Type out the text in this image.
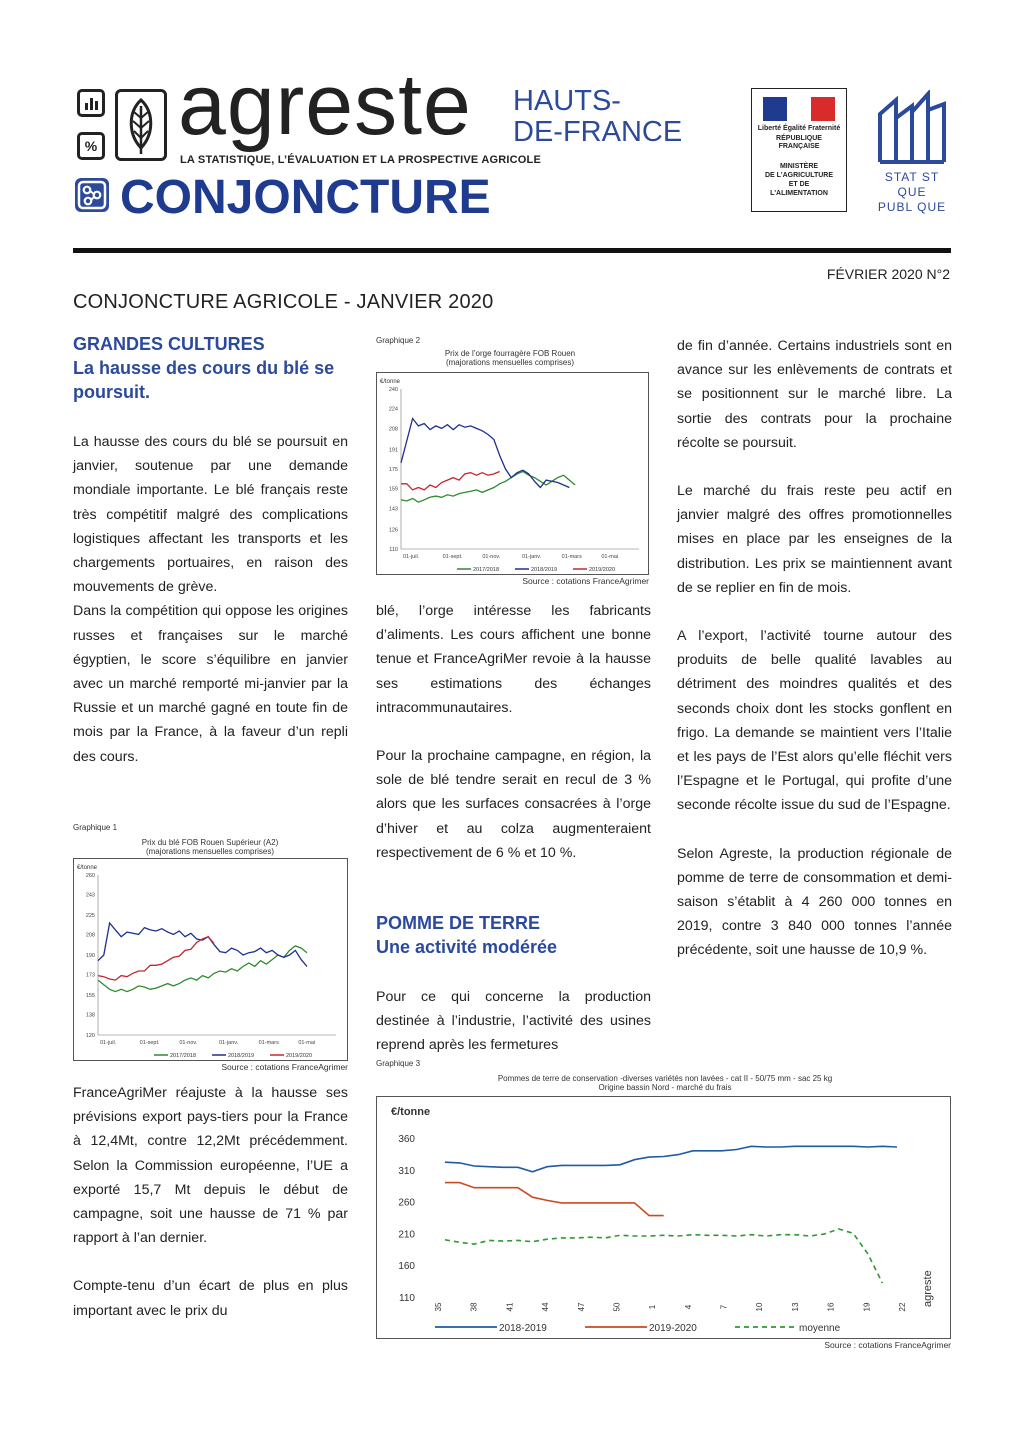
% agreste
LA STATISTIQUE, L’ÉVALUATION ET LA PROSPECTIVE AGRICOLE
CONJONCTURE
HAUTS-
DE-FRANCE	Liberté Égalité Fraternité
RÉPUBLIQUE FRANÇAISE
MINISTÈRE
DE L'AGRICULTURE
ET DE
L'ALIMENTATION
STAT ST QUE
PUBL QUE
FÉVRIER 2020 N°2
CONJONCTURE AGRICOLE - JANVIER 2020
GRANDES CULTURES
La hausse des cours du blé se poursuit.

La hausse des cours du blé se poursuit en janvier, soutenue par une demande mondiale importante. Le blé français reste très compétitif malgré des complications logistiques affectant les transports et les chargements portuaires, en raison des mouvements de grève.

Dans la compétition qui oppose les origines russes et françaises sur le marché égyptien, le score s’équilibre en janvier avec un marché remporté mi-janvier par la Russie et un marché gagné en toute fin de mois par la France, à la faveur d’un repli des cours.

Graphique 1
Prix du blé FOB Rouen Supérieur (A2)
(majorations mensuelles comprises)
€/tonne
120
138
155
173
190
208
225
243
260
01-juil.	01-sept.	01-nov.	01-janv.	01-mars	01-mai
2017/2018	2018/2019	2019/2020
Source : cotations FranceAgrimer

FranceAgriMer réajuste à la hausse ses prévisions export pays-tiers pour la France à 12,4Mt, contre 12,2Mt précédemment. Selon la Commission européenne, l’UE a exporté 15,7 Mt depuis le début de campagne, soit une hausse de 71 % par rapport à l’an dernier.

Compte-tenu d’un écart de plus en plus important avec le prix du

Graphique 2
Prix de l’orge fourragère FOB Rouen
(majorations mensuelles comprises)
€/tonne
110
126
143
159
175
191
208
224
240
01-juil.	01-sept.	01-nov.	01-janv.	01-mars	01-mai
2017/2018	2018/2019	2019/2020
Source : cotations FranceAgrimer

blé, l’orge intéresse les fabricants d’aliments. Les cours affichent une bonne tenue et FranceAgriMer revoie à la hausse ses estimations des échanges intracommunautaires.

Pour la prochaine campagne, en région, la sole de blé tendre serait en recul de 3 % alors que les surfaces consacrées à l’orge d’hiver et au colza augmenteraient respectivement de 6 % et 10 %.

POMME DE TERRE
Une activité modérée

Pour ce qui concerne la production destinée à l’industrie, l’activité des usines reprend après les fermetures

de fin d’année. Certains industriels sont en avance sur les enlèvements de contrats et se positionnent sur le marché libre. La sortie des contrats pour la prochaine récolte se poursuit.

Le marché du frais reste peu actif en janvier malgré des offres promotionnelles mises en place par les enseignes de la distribution. Les prix se maintiennent avant de se replier en fin de mois.

A l’export, l’activité tourne autour des produits de belle qualité lavables au détriment des moindres qualités et des seconds choix dont les stocks gonflent en frigo. La demande se maintient vers l’Italie et les pays de l’Est alors qu’elle fléchit vers l’Espagne et le Portugal, qui profite d’une seconde récolte issue du sud de l’Espagne.

Selon Agreste, la production régionale de pomme de terre de consommation et demi-saison s’établit à 4 260 000 tonnes en 2019, contre 3 840 000 tonnes l’année précédente, soit une hausse de 10,9 %.

Graphique 3
Pommes de terre de conservation -diverses variétés non lavées - cat II - 50/75 mm - sac 25 kg
Origine bassin Nord - marché du frais
€/tonne
110
160
210
260
310
360
35	38	41	44	47	50	1	4	7	10	13	16	19	22 agreste
2018-2019	2019-2020	moyenne
Source : cotations FranceAgrimer
